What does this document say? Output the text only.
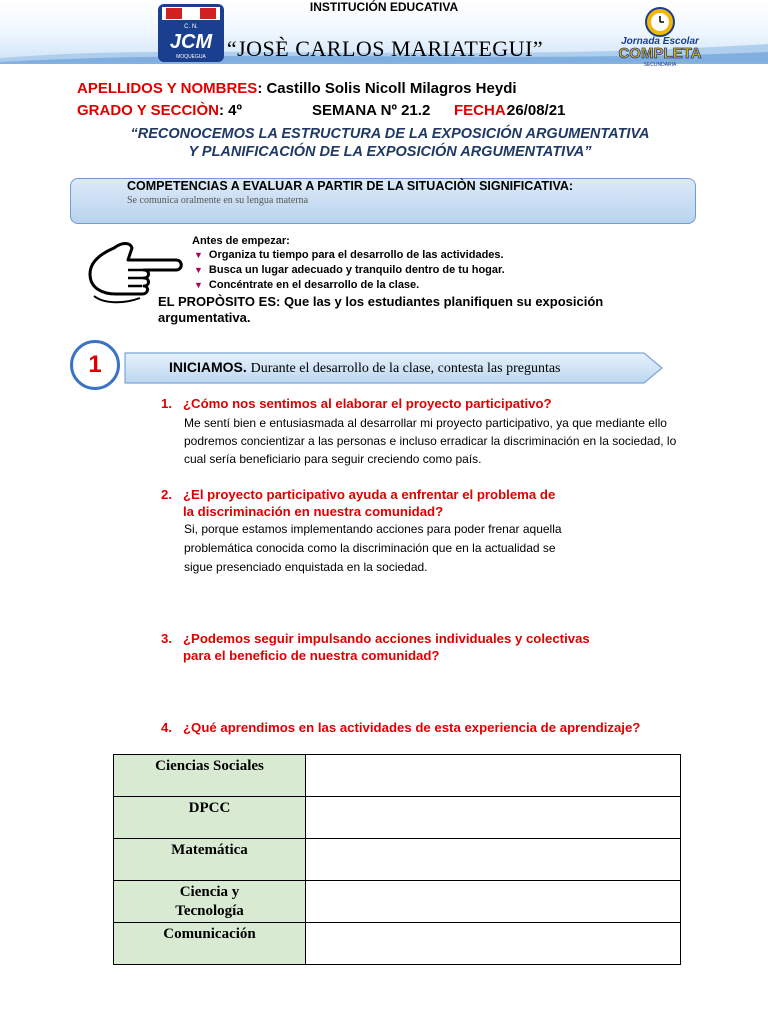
INSTITUCIÓN EDUCATIVA
I E
C. N.
JCM
MOQUEGUA “JOSÈ CARLOS MARIATEGUI”	Jornada Escolar
COMPLETA
SECUNDARIA
APELLIDOS Y NOMBRES: Castillo Solis Nicoll Milagros Heydi
GRADO Y SECCIÒN: 4º	SEMANA Nº 21.2 FECHA:
26/08/21
“RECONOCEMOS LA ESTRUCTURA DE LA EXPOSICIÓN ARGUMENTATIVA
Y PLANIFICACIÓN DE LA EXPOSICIÓN ARGUMENTATIVA”
COMPETENCIAS A EVALUAR A PARTIR DE LA SITUACIÒN SIGNIFICATIVA:
Se comunica oralmente en su lengua materna
Antes de empezar:
▼ Organiza tu tiempo para el desarrollo de las actividades.
▼ Busca un lugar adecuado y tranquilo dentro de tu hogar.
▼ Concéntrate en el desarrollo de la clase.
EL PROPÒSITO ES: Que las y los estudiantes planifiquen su exposición
argumentativa.
1	INICIAMOS. Durante el desarrollo de la clase, contesta las preguntas
1. ¿Cómo nos sentimos al elaborar el proyecto participativo?
Me sentí bien e entusiasmada al desarrollar mi proyecto participativo, ya que mediante ello
podremos concientizar a las personas e incluso erradicar la discriminación en la sociedad, lo
cual sería beneficiario para seguir creciendo como país.
2. ¿El proyecto participativo ayuda a enfrentar el problema de
la discriminación en nuestra comunidad?
Si, porque estamos implementando acciones para poder frenar aquella
problemática conocida como la discriminación que en la actualidad se
sigue presenciado enquistada en la sociedad.
3. ¿Podemos seguir impulsando acciones individuales y colectivas
para el beneficio de nuestra comunidad?
4. ¿Qué aprendimos en las actividades de esta experiencia de aprendizaje?
Ciencias Sociales	

DPCC	

Matemática	

Ciencia y
Tecnología	

Comunicación	
